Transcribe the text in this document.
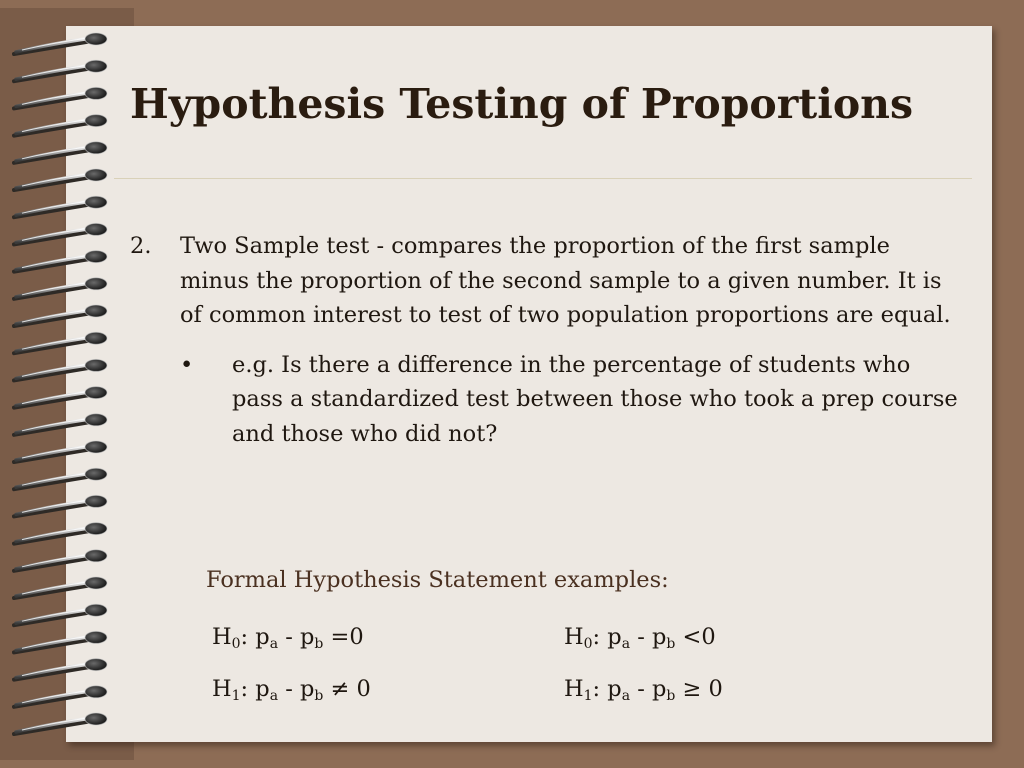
Hypothesis Testing of Proportions
2.	Two Sample test - compares the proportion of the first sample minus the proportion of the second sample to a given number. It is of common interest to test of two population proportions are equal.
•	e.g. Is there a difference in the percentage of students who pass a standardized test between those who took a prep course and those who did not?
Formal Hypothesis Statement examples:
$H_0$: $p_a - p_b =0$
$H_1$: $p_a - p_b \ne 0$
$H_0$: $p_a - p_b <0$
$H_1$: $p_a - p_b \ge 0$
